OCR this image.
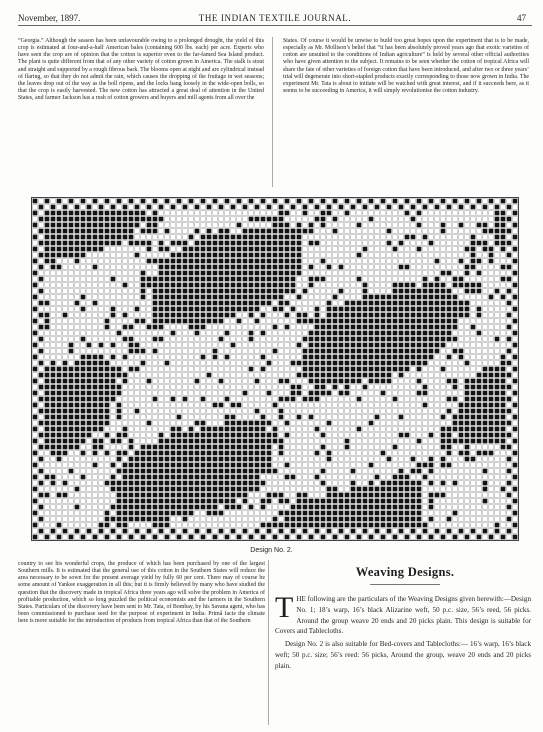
November, 1897.	THE INDIAN TEXTILE JOURNAL.	47
“Georgia.” Although the season has been unfavourable owing to a prolonged drought, the yield of this crop is estimated at four-and-a-half American bales (containing 600 lbs. each) per acre. Experts who have seen the crop are of opinion that the cotton is superior even to the far-famed Sea Island product. The plant is quite different from that of any other variety of cotton grown in America. The stalk is stout and straight and supported by a rough fibrous bark. The blooms open at night and are cylindrical instead of flaring, so that they do not admit the rain, which causes the dropping of the fruitage in wet seasons; the leaves drop out of the way as the boll ripens, and the locks hang loosely in the wide-open bolls, so that the crop is easily harvested. The new cotton has attracted a great deal of attention in the United States, and farmer Jackson has a rush of cotton growers and buyers and mill agents from all over the
States. Of course it would be unwise to build too great hopes upon the experiment that is to be made, especially as Mr. Mollison’s belief that “it has been absolutely proved years ago that exotic varieties of cotton are unsuited to the conditions of Indian agriculture” is held by several other official authorities who have given attention to the subject. It remains to be seen whether the cotton of tropical Africa will share the fate of other varieties of foreign cotton that have been introduced, and after two or three years’ trial will degenerate into short-stapled products exactly corresponding to those now grown in India. The experiment Mr. Tata is about to initiate will be watched with great interest, and if it succeeds here, as it seems to be succeeding in America, it will simply revolutionise the cotton industry.
Design No. 2.
country to see his wonderful crops, the produce of which has been purchased by one of the largest Southern mills. It is estimated that the general use of this cotton in the Southern States will reduce the area necessary to be sown for the present average yield by fully 60 per cent. There may of course be some amount of Yankee exaggeration in all this; but it is firmly believed by many who have studied the question that the discovery made in tropical Africa three years ago will solve the problem in America of profitable production, which so long puzzled the political economists and the farmers in the Southern States. Particulars of the discovery have been sent to Mr. Tata, of Bombay, by his Savana agent, who has been commissioned to purchase seed for the purpose of experiment in India. Primâ facie the climate here is more suitable for the introduction of products from tropical Africa than that of the Southern
Weaving Designs.

THE following are the particulars of the Weaving Designs given herewith:—Design No. 1; 18’s warp, 16’s black Alizarine weft, 50 p.c. size, 56’s reed, 56 picks. Around the group weave 20 ends and 20 picks plain. This design is suitable for Covers and Tablecloths.

Design No. 2 is also suitable for Bed-covers and Tablecloths:— 16’s warp, 16’s black weft; 50 p.c. size; 56’s reed: 56 picks, Around the group, weave 20 ends and 20 picks plain.
